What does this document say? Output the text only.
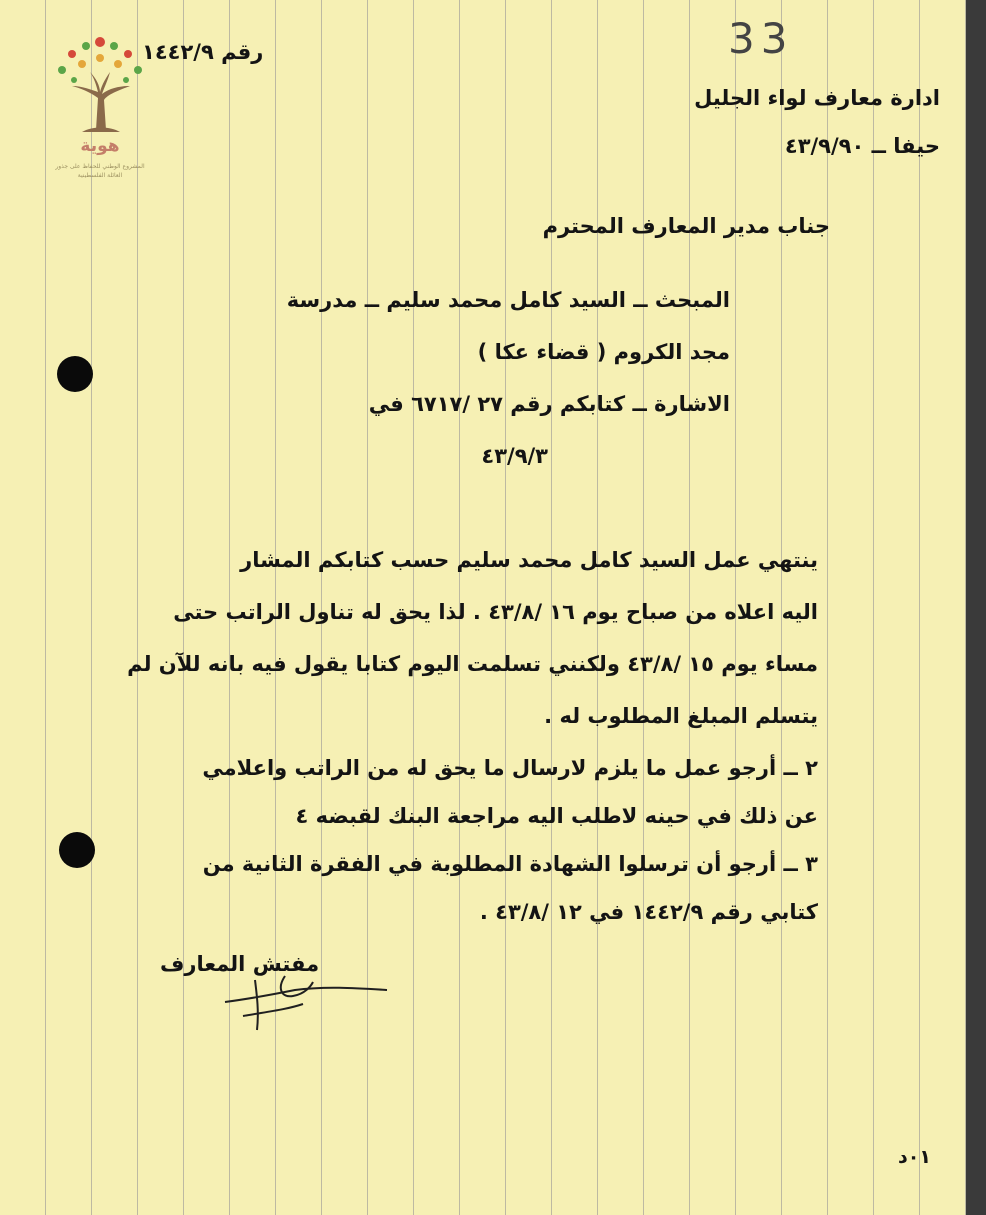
33
هوية
المشروع الوطني للحفاظ على جذور العائلة الفلسطينية
رقم ١٤٤٢/٩
ادارة معارف لواء الجليل
حيفا ــ ٤٣/٩/٩٠
جناب مدير المعارف المحترم
المبحث ــ السيد كامل محمد سليم ــ مدرسة
مجد الكروم ( قضاء عكا )
الاشارة ــ كتابكم رقم ٢٧ /٦٧١٧ في
٤٣/٩/٣
ينتهي عمل السيد كامل محمد سليم حسب كتابكم المشار
اليه اعلاه من صباح يوم ١٦ /٤٣/٨ . لذا يحق له تناول الراتب حتى
مساء يوم ١٥ /٤٣/٨ ولكنني تسلمت اليوم كتابا يقول فيه بانه للآن لم
يتسلم المبلغ المطلوب له .
٢ ــ أرجو عمل ما يلزم لارسال ما يحق له من الراتب واعلامي
عن ذلك في حينه لاطلب اليه مراجعة البنك لقبضه ٤
٣ ــ أرجو أن ترسلوا الشهادة المطلوبة في الفقرة الثانية من
كتابي رقم ١٤٤٢/٩ في ١٢ /٤٣/٨ .
مفتش المعارف
٠١د
